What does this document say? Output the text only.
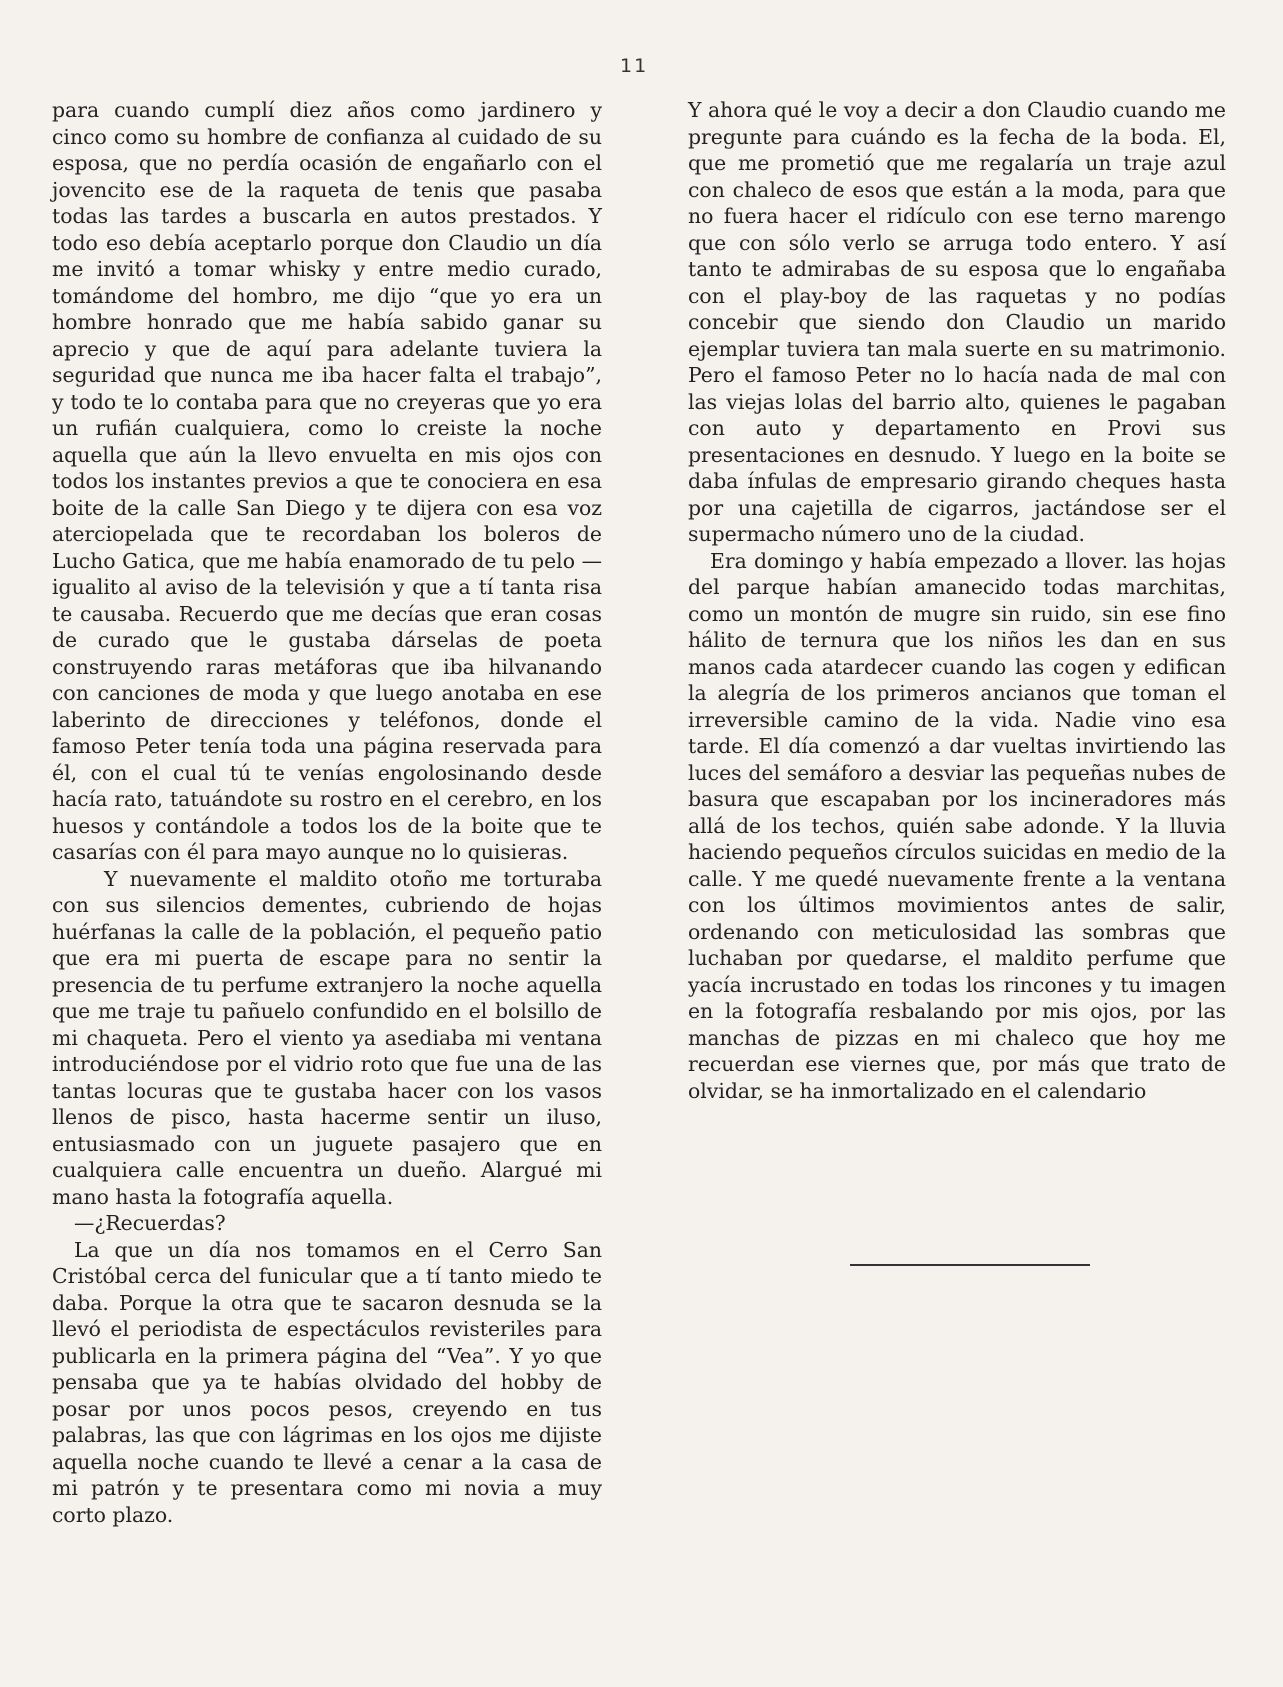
11

para cuando cumplí diez años como jardinero y cinco como su hombre de confianza al cuidado de su esposa, que no perdía ocasión de engañarlo con el jovencito ese de la raqueta de tenis que pasaba todas las tardes a buscarla en autos prestados. Y todo eso debía aceptarlo porque don Claudio un día me invitó a tomar whisky y entre medio curado, tomándome del hombro, me dijo “que yo era un hombre honrado que me había sabido ganar su aprecio y que de aquí para adelante tuviera la seguridad que nunca me iba hacer falta el trabajo”, y todo te lo contaba para que no creyeras que yo era un rufián cualquiera, como lo creiste la noche aquella que aún la llevo envuelta en mis ojos con todos los instantes previos a que te conociera en esa boite de la calle San Diego y te dijera con esa voz aterciopelada que te recordaban los boleros de Lucho Gatica, que me había enamorado de tu pelo —igualito al aviso de la televisión y que a tí tanta risa te causaba. Recuerdo que me decías que eran cosas de curado que le gustaba dárselas de poeta construyendo raras metáforas que iba hilvanando con canciones de moda y que luego anotaba en ese laberinto de direcciones y teléfonos, donde el famoso Peter tenía toda una página reservada para él, con el cual tú te venías engolosinando desde hacía rato, tatuándote su rostro en el cerebro, en los huesos y contándole a todos los de la boite que te casarías con él para mayo aunque no lo quisieras.

Y nuevamente el maldito otoño me torturaba con sus silencios dementes, cubriendo de hojas huérfanas la calle de la población, el pequeño patio que era mi puerta de escape para no sentir la presencia de tu perfume extranjero la noche aquella que me traje tu pañuelo confundido en el bolsillo de mi chaqueta. Pero el viento ya asediaba mi ventana introduciéndose por el vidrio roto que fue una de las tantas locuras que te gustaba hacer con los vasos llenos de pisco, hasta hacerme sentir un iluso, entusiasmado con un juguete pasajero que en cualquiera calle encuentra un dueño. Alargué mi mano hasta la fotografía aquella.

—¿Recuerdas?

La que un día nos tomamos en el Cerro San Cristóbal cerca del funicular que a tí tanto miedo te daba. Porque la otra que te sacaron desnuda se la llevó el periodista de espectáculos revisteriles para publicarla en la primera página del “Vea”. Y yo que pensaba que ya te habías olvidado del hobby de posar por unos pocos pesos, creyendo en tus palabras, las que con lágrimas en los ojos me dijiste aquella noche cuando te llevé a cenar a la casa de mi patrón y te presentara como mi novia a muy corto plazo.

Y ahora qué le voy a decir a don Claudio cuando me pregunte para cuándo es la fecha de la boda. El, que me prometió que me regalaría un traje azul con chaleco de esos que están a la moda, para que no fuera hacer el ridículo con ese terno marengo que con sólo verlo se arruga todo entero. Y así tanto te admirabas de su esposa que lo engañaba con el play-boy de las raquetas y no podías concebir que siendo don Claudio un marido ejemplar tuviera tan mala suerte en su matrimonio. Pero el famoso Peter no lo hacía nada de mal con las viejas lolas del barrio alto, quienes le pagaban con auto y departamento en Provi sus presentaciones en desnudo. Y luego en la boite se daba ínfulas de empresario girando cheques hasta por una cajetilla de cigarros, jactándose ser el supermacho número uno de la ciudad.

Era domingo y había empezado a llover. las hojas del parque habían amanecido todas marchitas, como un montón de mugre sin ruido, sin ese fino hálito de ternura que los niños les dan en sus manos cada atardecer cuando las cogen y edifican la alegría de los primeros ancianos que toman el irreversible camino de la vida. Nadie vino esa tarde. El día comenzó a dar vueltas invirtiendo las luces del semáforo a desviar las pequeñas nubes de basura que escapaban por los incineradores más allá de los techos, quién sabe adonde. Y la lluvia haciendo pequeños círculos suicidas en medio de la calle. Y me quedé nuevamente frente a la ventana con los últimos movimientos antes de salir, ordenando con meticulosidad las sombras que luchaban por quedarse, el maldito perfume que yacía incrustado en todas los rincones y tu imagen en la fotografía resbalando por mis ojos, por las manchas de pizzas en mi chaleco que hoy me recuerdan ese viernes que, por más que trato de olvidar, se ha inmortalizado en el calendario
